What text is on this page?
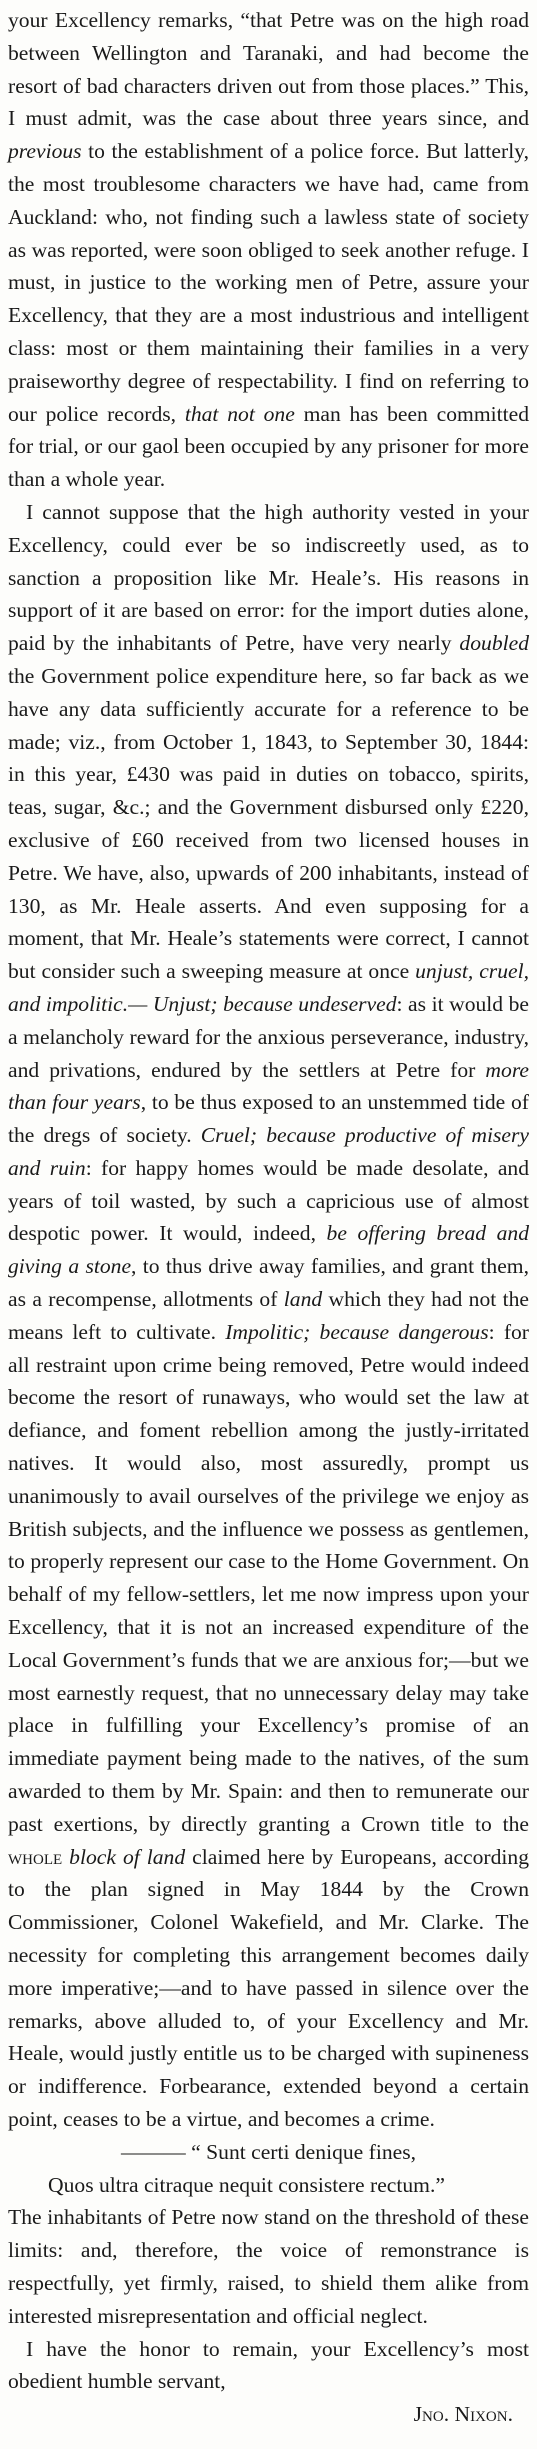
your Excellency remarks, “that Petre was on the high road between Wellington and Taranaki, and had become the resort of bad characters driven out from those places.” This, I must admit, was the case about three years since, and previous to the establishment of a police force. But latterly, the most troublesome characters we have had, came from Auckland: who, not finding such a lawless state of society as was reported, were soon obliged to seek another refuge. I must, in justice to the working men of Petre, assure your Excellency, that they are a most industrious and intelligent class: most or them maintaining their families in a very praiseworthy degree of respectability. I find on referring to our police records, that not one man has been committed for trial, or our gaol been occupied by any prisoner for more than a whole year.

I cannot suppose that the high authority vested in your Excellency, could ever be so indiscreetly used, as to sanction a proposition like Mr. Heale’s. His reasons in support of it are based on error: for the import duties alone, paid by the inhabitants of Petre, have very nearly doubled the Government police expenditure here, so far back as we have any data sufficiently accurate for a reference to be made; viz., from October 1, 1843, to September 30, 1844: in this year, £430 was paid in duties on tobacco, spirits, teas, sugar, &c.; and the Government disbursed only £220, exclusive of £60 received from two licensed houses in Petre. We have, also, upwards of 200 inhabitants, instead of 130, as Mr. Heale asserts. And even supposing for a moment, that Mr. Heale’s statements were correct, I cannot but consider such a sweeping measure at once unjust, cruel, and impolitic.— Unjust; because undeserved: as it would be a melancholy reward for the anxious perseverance, industry, and privations, endured by the settlers at Petre for more than four years, to be thus exposed to an unstemmed tide of the dregs of society. Cruel; because productive of misery and ruin: for happy homes would be made desolate, and years of toil wasted, by such a capricious use of almost despotic power. It would, indeed, be offering bread and giving a stone, to thus drive away families, and grant them, as a recompense, allotments of land which they had not the means left to cultivate. Impolitic; because dangerous: for all restraint upon crime being removed, Petre would indeed become the resort of runaways, who would set the law at defiance, and foment rebellion among the justly-irritated natives. It would also, most assuredly, prompt us unanimously to avail ourselves of the privilege we enjoy as British subjects, and the influence we possess as gentlemen, to properly represent our case to the Home Government. On behalf of my fellow-settlers, let me now impress upon your Excellency, that it is not an increased expenditure of the Local Government’s funds that we are anxious for;—but we most earnestly request, that no unnecessary delay may take place in fulfilling your Excellency’s promise of an immediate payment being made to the natives, of the sum awarded to them by Mr. Spain: and then to remunerate our past exertions, by directly granting a Crown title to the whole block of land claimed here by Europeans, according to the plan signed in May 1844 by the Crown Commissioner, Colonel Wakefield, and Mr. Clarke. The necessity for completing this arrangement becomes daily more imperative;—and to have passed in silence over the remarks, above alluded to, of your Excellency and Mr. Heale, would justly entitle us to be charged with supineness or indifference. Forbearance, extended beyond a certain point, ceases to be a virtue, and becomes a crime.

——— “ Sunt certi denique fines,

Quos ultra citraque nequit consistere rectum.”

The inhabitants of Petre now stand on the threshold of these limits: and, therefore, the voice of remonstrance is respectfully, yet firmly, raised, to shield them alike from interested misrepresentation and official neglect.

I have the honor to remain, your Excellency’s most obedient humble servant,

Jno. Nixon.
